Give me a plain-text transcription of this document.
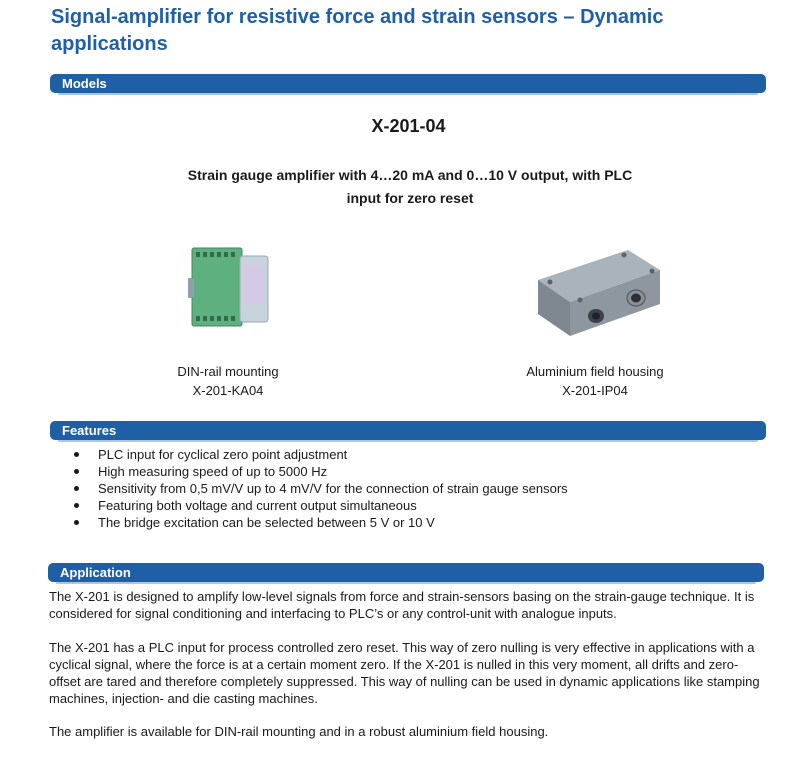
Signal-amplifier for resistive force and strain sensors – Dynamic applications
Models
X-201-04
Strain gauge amplifier with 4…20 mA and 0…10 V output, with PLC input for zero reset
DIN-rail mounting
X-201-KA04
Aluminium field housing
X-201-IP04
Features
PLC input for cyclical zero point adjustment
High measuring speed of up to 5000 Hz
Sensitivity from 0,5 mV/V up to 4 mV/V for the connection of strain gauge sensors
Featuring both voltage and current output simultaneous
The bridge excitation can be selected between 5 V or 10 V
Application

The X-201 is designed to amplify low-level signals from force and strain-sensors basing on the strain-gauge technique. It is considered for signal conditioning and interfacing to PLC’s or any control-unit with analogue inputs.

The X-201 has a PLC input for process controlled zero reset. This way of zero nulling is very effective in applications with a cyclical signal, where the force is at a certain moment zero. If the X-201 is nulled in this very moment, all drifts and zero-offset are tared and therefore completely suppressed. This way of nulling can be used in dynamic applications like stamping machines, injection- and die casting machines.

The amplifier is available for DIN-rail mounting and in a robust aluminium field housing.
